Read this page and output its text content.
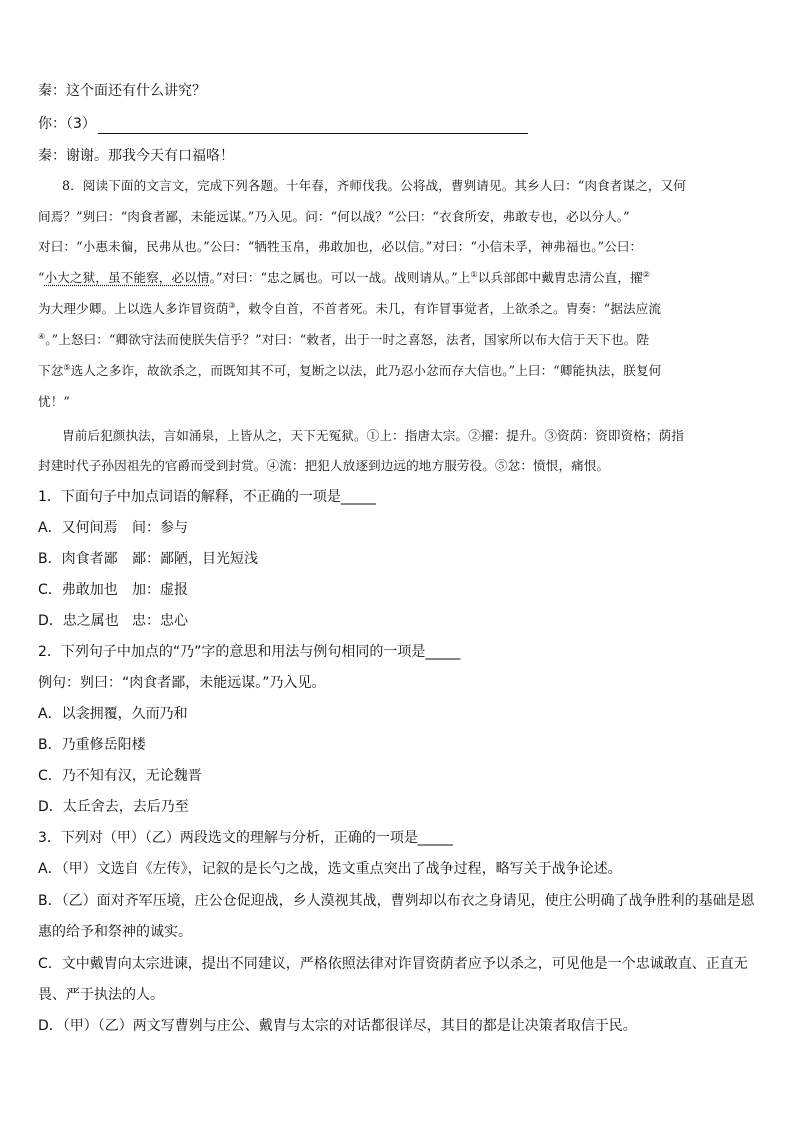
秦：这个面还有什么讲究？
你：（3）
秦：谢谢。那我今天有口福咯！
8．阅读下面的文言文，完成下列各题。十年春，齐师伐我。公将战，曹刿请见。其乡人曰：“肉食者谋之，又何
间焉？”刿曰：“肉食者鄙，未能远谋。”乃入见。问：“何以战？”公曰：“衣食所安，弗敢专也，必以分人。”
对曰：“小惠未徧，民弗从也。”公曰：“牺牲玉帛，弗敢加也，必以信。”对曰：“小信未孚，神弗福也。”公曰：
“小大之狱，虽不能察，必以情。”对曰：“忠之属也。可以一战。战则请从。”上①以兵部郎中戴胄忠清公直，擢②
为大理少卿。上以选人多诈冒资荫③，敕令自首，不首者死。未几，有诈冒事觉者，上欲杀之。胄奏：“据法应流
④。”上怒曰：“卿欲守法而使朕失信乎？”对曰：“敕者，出于一时之喜怒，法者，国家所以布大信于天下也。陛
下忿⑤选人之多诈，故欲杀之，而既知其不可，复断之以法，此乃忍小忿而存大信也。”上曰：“卿能执法，朕复何
忧！”
胄前后犯颜执法，言如涌泉，上皆从之，天下无冤狱。①上：指唐太宗。②擢：提升。③资荫：资即资格；荫指
封建时代子孙因祖先的官爵而受到封赏。④流：把犯人放逐到边远的地方服劳役。⑤忿：愤恨，痛恨。
1．下面句子中加点词语的解释，不正确的一项是_____
A．又何间焉 间：参与
B．肉食者鄙 鄙：鄙陋，目光短浅
C．弗敢加也 加：虚报
D．忠之属也 忠：忠心
2．下列句子中加点的“乃”字的意思和用法与例句相同的一项是_____
例句：刿曰：“肉食者鄙，未能远谋。”乃入见。
A．以衾拥覆，久而乃和
B．乃重修岳阳楼
C．乃不知有汉，无论魏晋
D．太丘舍去，去后乃至
3．下列对（甲）（乙）两段选文的理解与分析，正确的一项是_____
A．（甲）文选自《左传》，记叙的是长勺之战，选文重点突出了战争过程，略写关于战争论述。
B．（乙）面对齐军压境，庄公仓促迎战，乡人漠视其战，曹刿却以布衣之身请见，使庄公明确了战争胜利的基础是恩
惠的给予和祭神的诚实。
C．文中戴胄向太宗进谏，提出不同建议，严格依照法律对诈冒资荫者应予以杀之，可见他是一个忠诚敢直、正直无
畏、严于执法的人。
D．（甲）（乙）两文写曹刿与庄公、戴胄与太宗的对话都很详尽，其目的都是让决策者取信于民。
